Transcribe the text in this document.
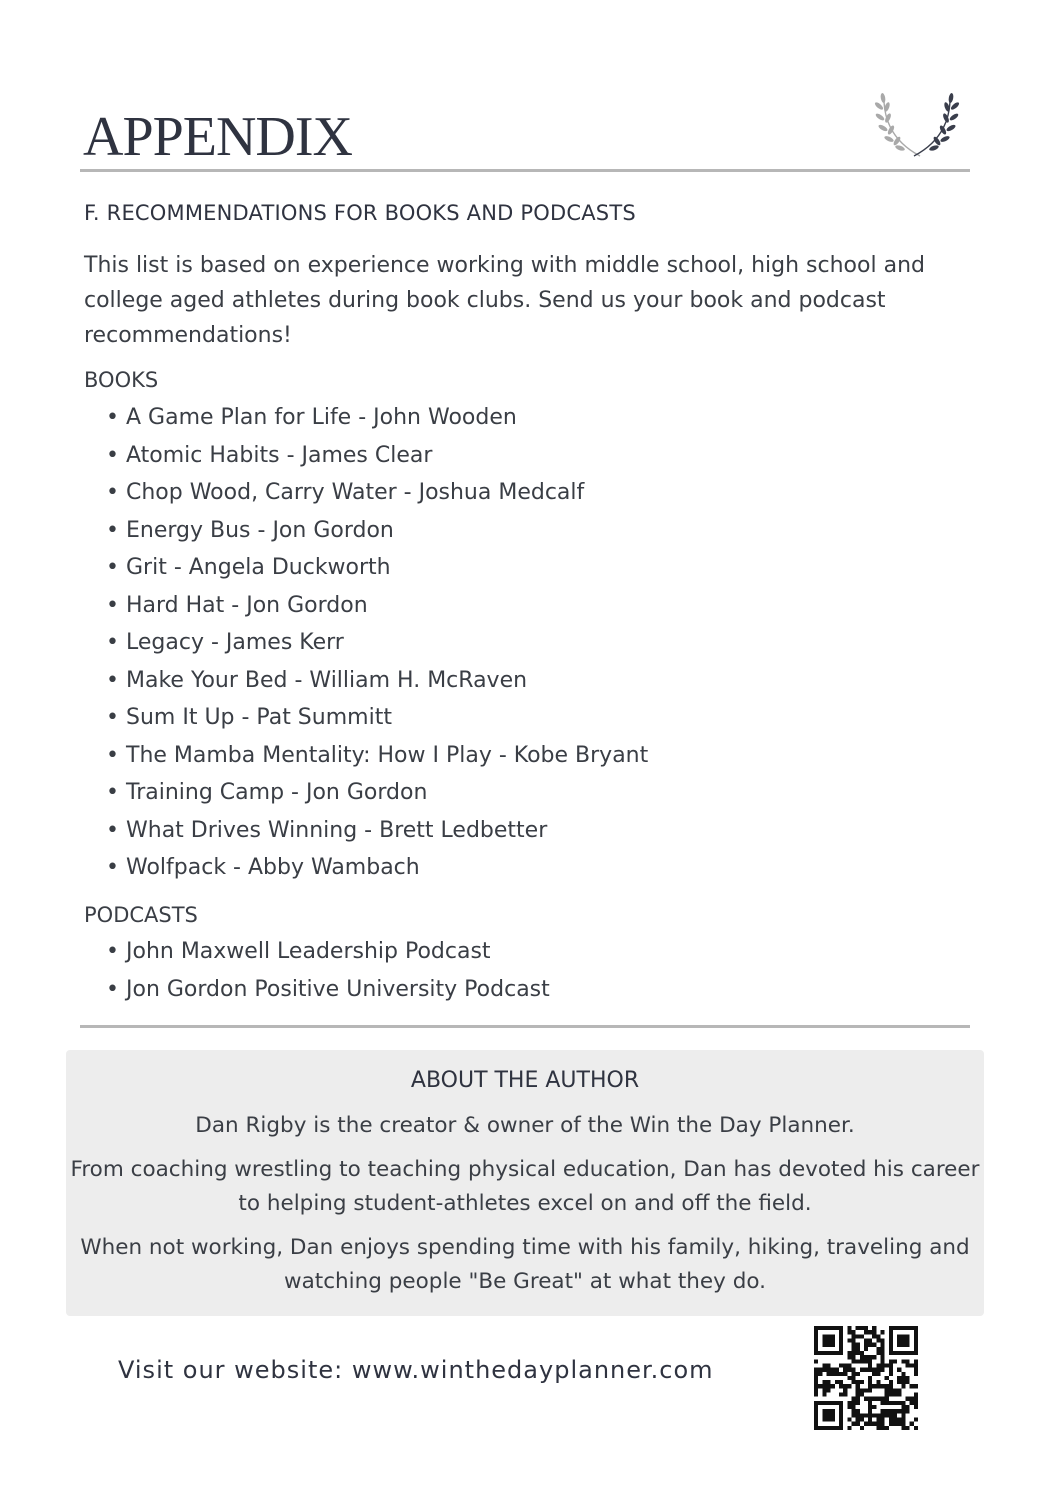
APPENDIX
F. RECOMMENDATIONS FOR BOOKS AND PODCASTS

This list is based on experience working with middle school, high school and college aged athletes during book clubs. Send us your book and podcast recommendations!

BOOKS
• A Game Plan for Life - John Wooden
• Atomic Habits - James Clear
• Chop Wood, Carry Water - Joshua Medcalf
• Energy Bus - Jon Gordon
• Grit - Angela Duckworth
• Hard Hat - Jon Gordon
• Legacy - James Kerr
• Make Your Bed - William H. McRaven
• Sum It Up - Pat Summitt
• The Mamba Mentality: How I Play - Kobe Bryant
• Training Camp - Jon Gordon
• What Drives Winning - Brett Ledbetter
• Wolfpack - Abby Wambach
PODCASTS
• John Maxwell Leadership Podcast
• Jon Gordon Positive University Podcast
ABOUT THE AUTHOR

Dan Rigby is the creator & owner of the Win the Day Planner.

From coaching wrestling to teaching physical education, Dan has devoted his career to helping student-athletes excel on and off the field.

When not working, Dan enjoys spending time with his family, hiking, traveling and watching people "Be Great" at what they do.

Visit our website: www.winthedayplanner.com
